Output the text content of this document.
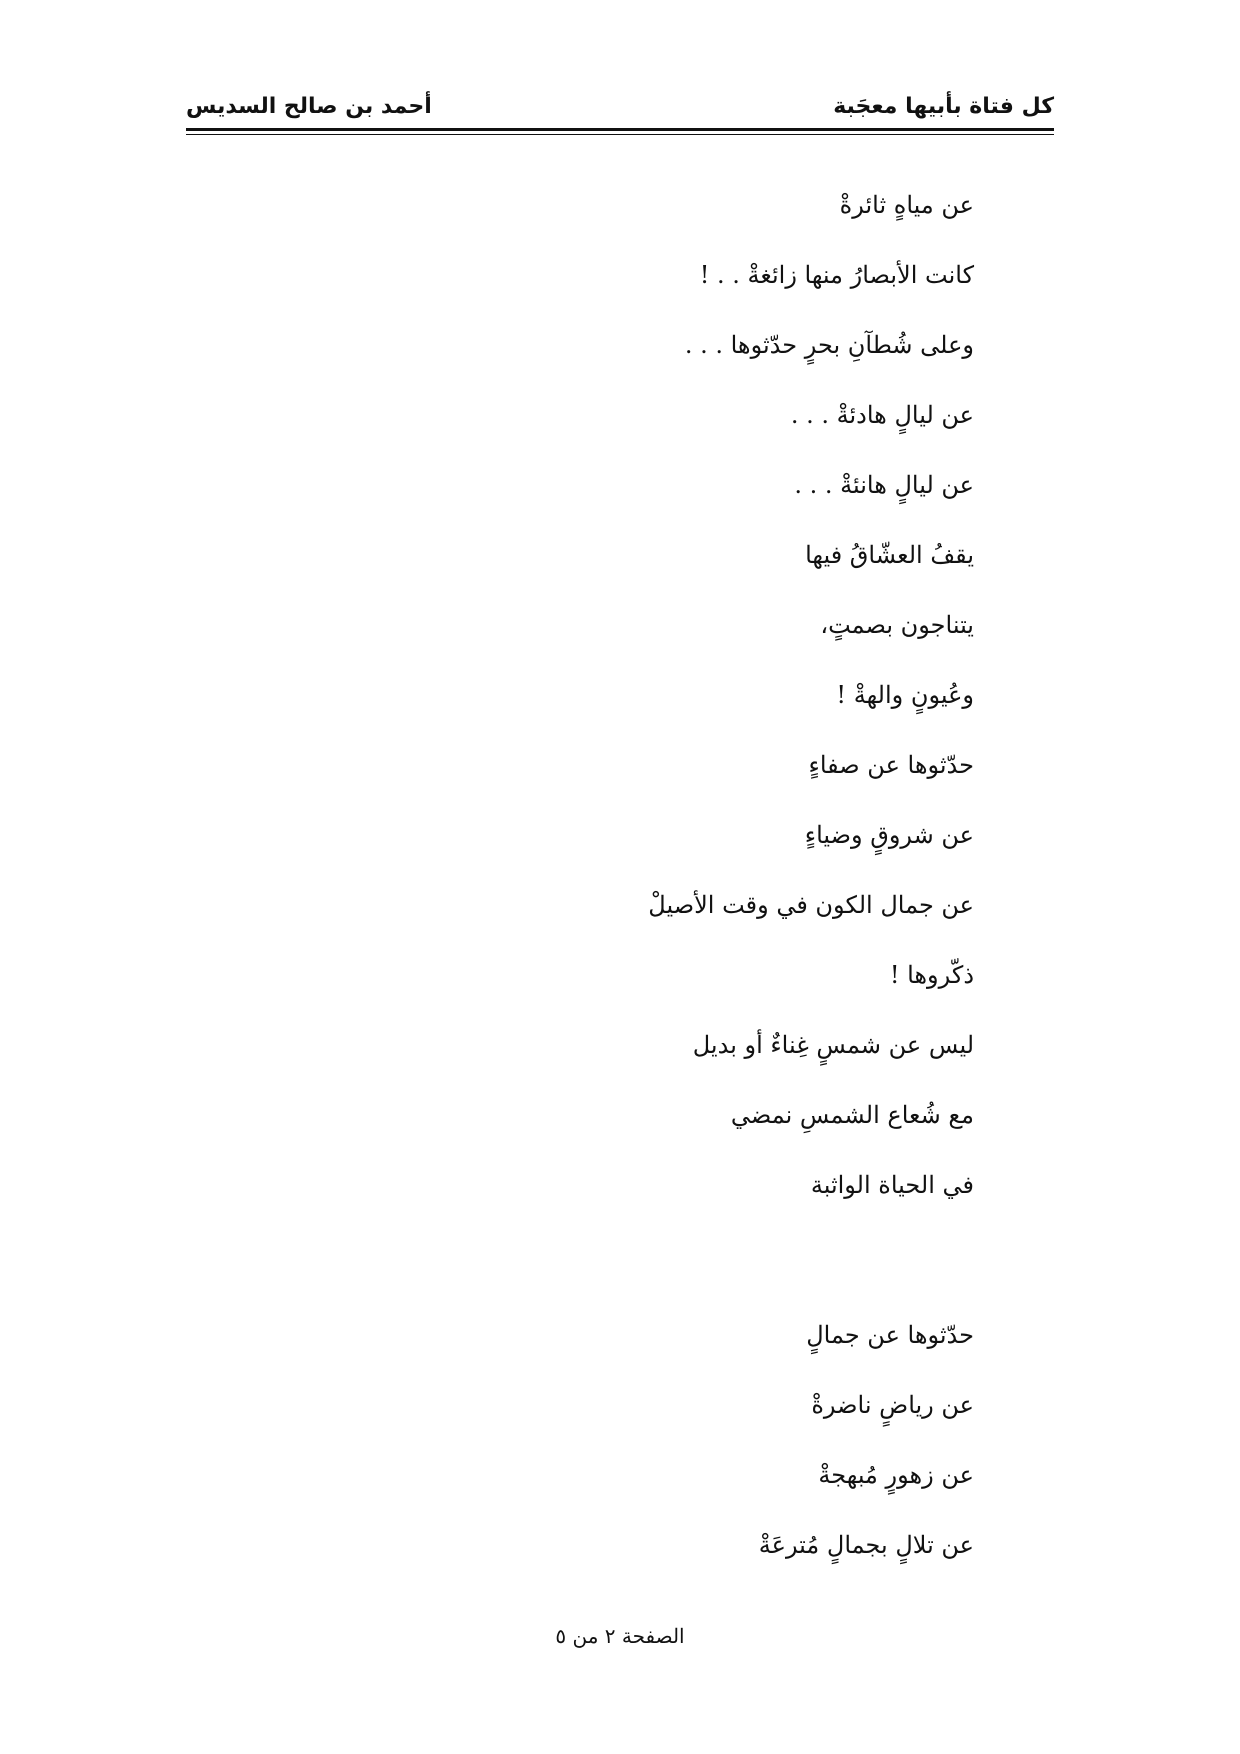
كل فتاة بأبيها معجَبة
أحمد بن صالح السديس
عن مياهٍ ثائرةْ
كانت الأبصارُ منها زائغةْ . . !
وعلى شُطآنِ بحرٍ حدّثوها . . .
عن ليالٍ هادئةْ . . .
عن ليالٍ هانئةْ . . .
يقفُ العشّاقُ فيها
يتناجون بصمتٍ،
وعُيونٍ والهةْ !
حدّثوها عن صفاءٍ
عن شروقٍ وضياءٍ
عن جمال الكون في وقت الأصيلْ
ذكّروها !
ليس عن شمسٍ غِناءٌ أو بديل
مع شُعاع الشمسِ نمضي
في الحياة الواثبة
حدّثوها عن جمالٍ
عن رياضٍ ناضرةْ
عن زهورٍ مُبهجةْ
عن تلالٍ بجمالٍ مُترعَةْ
الصفحة ٢ من ٥
